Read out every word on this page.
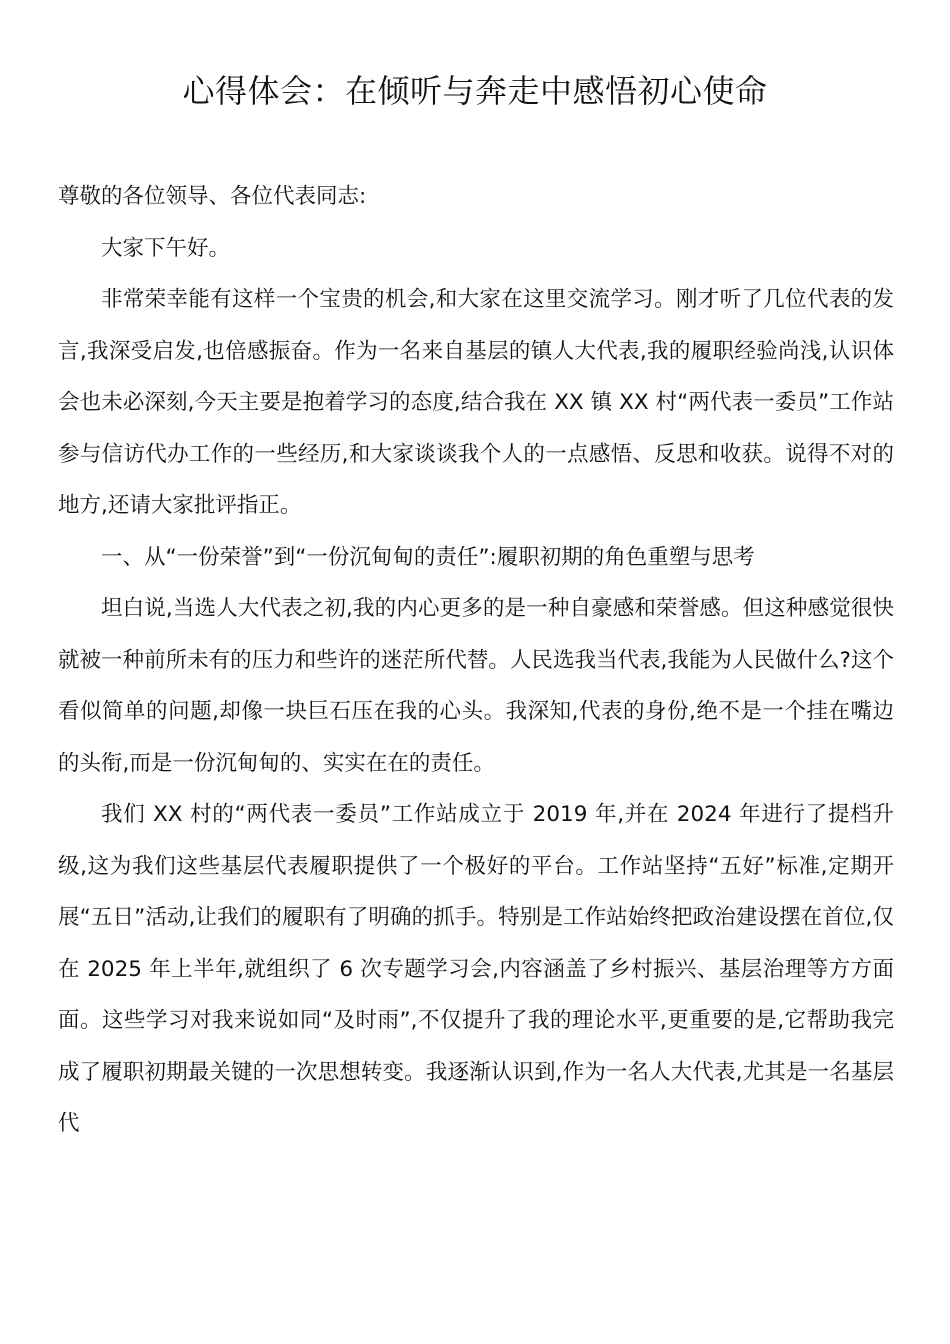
心得体会：在倾听与奔走中感悟初心使命

尊敬的各位领导、各位代表同志:

大家下午好。

非常荣幸能有这样一个宝贵的机会,和大家在这里交流学习。刚才听了几位代表的发言,我深受启发,也倍感振奋。作为一名来自基层的镇人大代表,我的履职经验尚浅,认识体会也未必深刻,今天主要是抱着学习的态度,结合我在 XX 镇 XX 村“两代表一委员”工作站参与信访代办工作的一些经历,和大家谈谈我个人的一点感悟、反思和收获。说得不对的地方,还请大家批评指正。

一、从“一份荣誉”到“一份沉甸甸的责任”:履职初期的角色重塑与思考

坦白说,当选人大代表之初,我的内心更多的是一种自豪感和荣誉感。但这种感觉很快就被一种前所未有的压力和些许的迷茫所代替。人民选我当代表,我能为人民做什么?这个看似简单的问题,却像一块巨石压在我的心头。我深知,代表的身份,绝不是一个挂在嘴边的头衔,而是一份沉甸甸的、实实在在的责任。

我们 XX 村的“两代表一委员”工作站成立于 2019 年,并在 2024 年进行了提档升级,这为我们这些基层代表履职提供了一个极好的平台。工作站坚持“五好”标准,定期开展“五日”活动,让我们的履职有了明确的抓手。特别是工作站始终把政治建设摆在首位,仅在 2025 年上半年,就组织了 6 次专题学习会,内容涵盖了乡村振兴、基层治理等方方面面。这些学习对我来说如同“及时雨”,不仅提升了我的理论水平,更重要的是,它帮助我完成了履职初期最关键的一次思想转变。我逐渐认识到,作为一名人大代表,尤其是一名基层代
